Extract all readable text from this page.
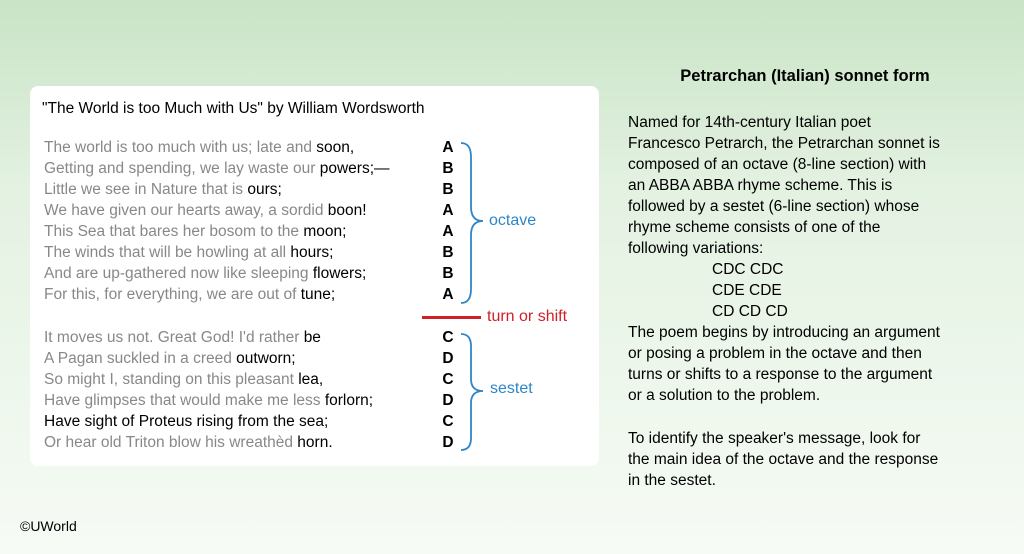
"The World is too Much with Us" by William Wordsworth
The world is too much with us; late and soon,
Getting and spending, we lay waste our powers;—
Little we see in Nature that is ours;
We have given our hearts away, a sordid boon!
This Sea that bares her bosom to the moon;
The winds that will be howling at all hours;
And are up-gathered now like sleeping flowers;
For this, for everything, we are out of tune;
A
B
B
A
A
B
B
A
octave
turn or shift
It moves us not. Great God! I'd rather be
A Pagan suckled in a creed outworn;
So might I, standing on this pleasant lea,
Have glimpses that would make me less forlorn;
Have sight of Proteus rising from the sea;
Or hear old Triton blow his wreathèd horn.
C
D
C
D
C
D
sestet
Petrarchan (Italian) sonnet form
Named for 14th-century Italian poet
Francesco Petrarch, the Petrarchan sonnet is
composed of an octave (8-line section) with
an ABBA ABBA rhyme scheme. This is
followed by a sestet (6-line section) whose
rhyme scheme consists of one of the
following variations:
CDC CDC
CDE CDE
CD CD CD
The poem begins by introducing an argument
or posing a problem in the octave and then
turns or shifts to a response to the argument
or a solution to the problem.
To identify the speaker's message, look for
the main idea of the octave and the response
in the sestet.
©UWorld
